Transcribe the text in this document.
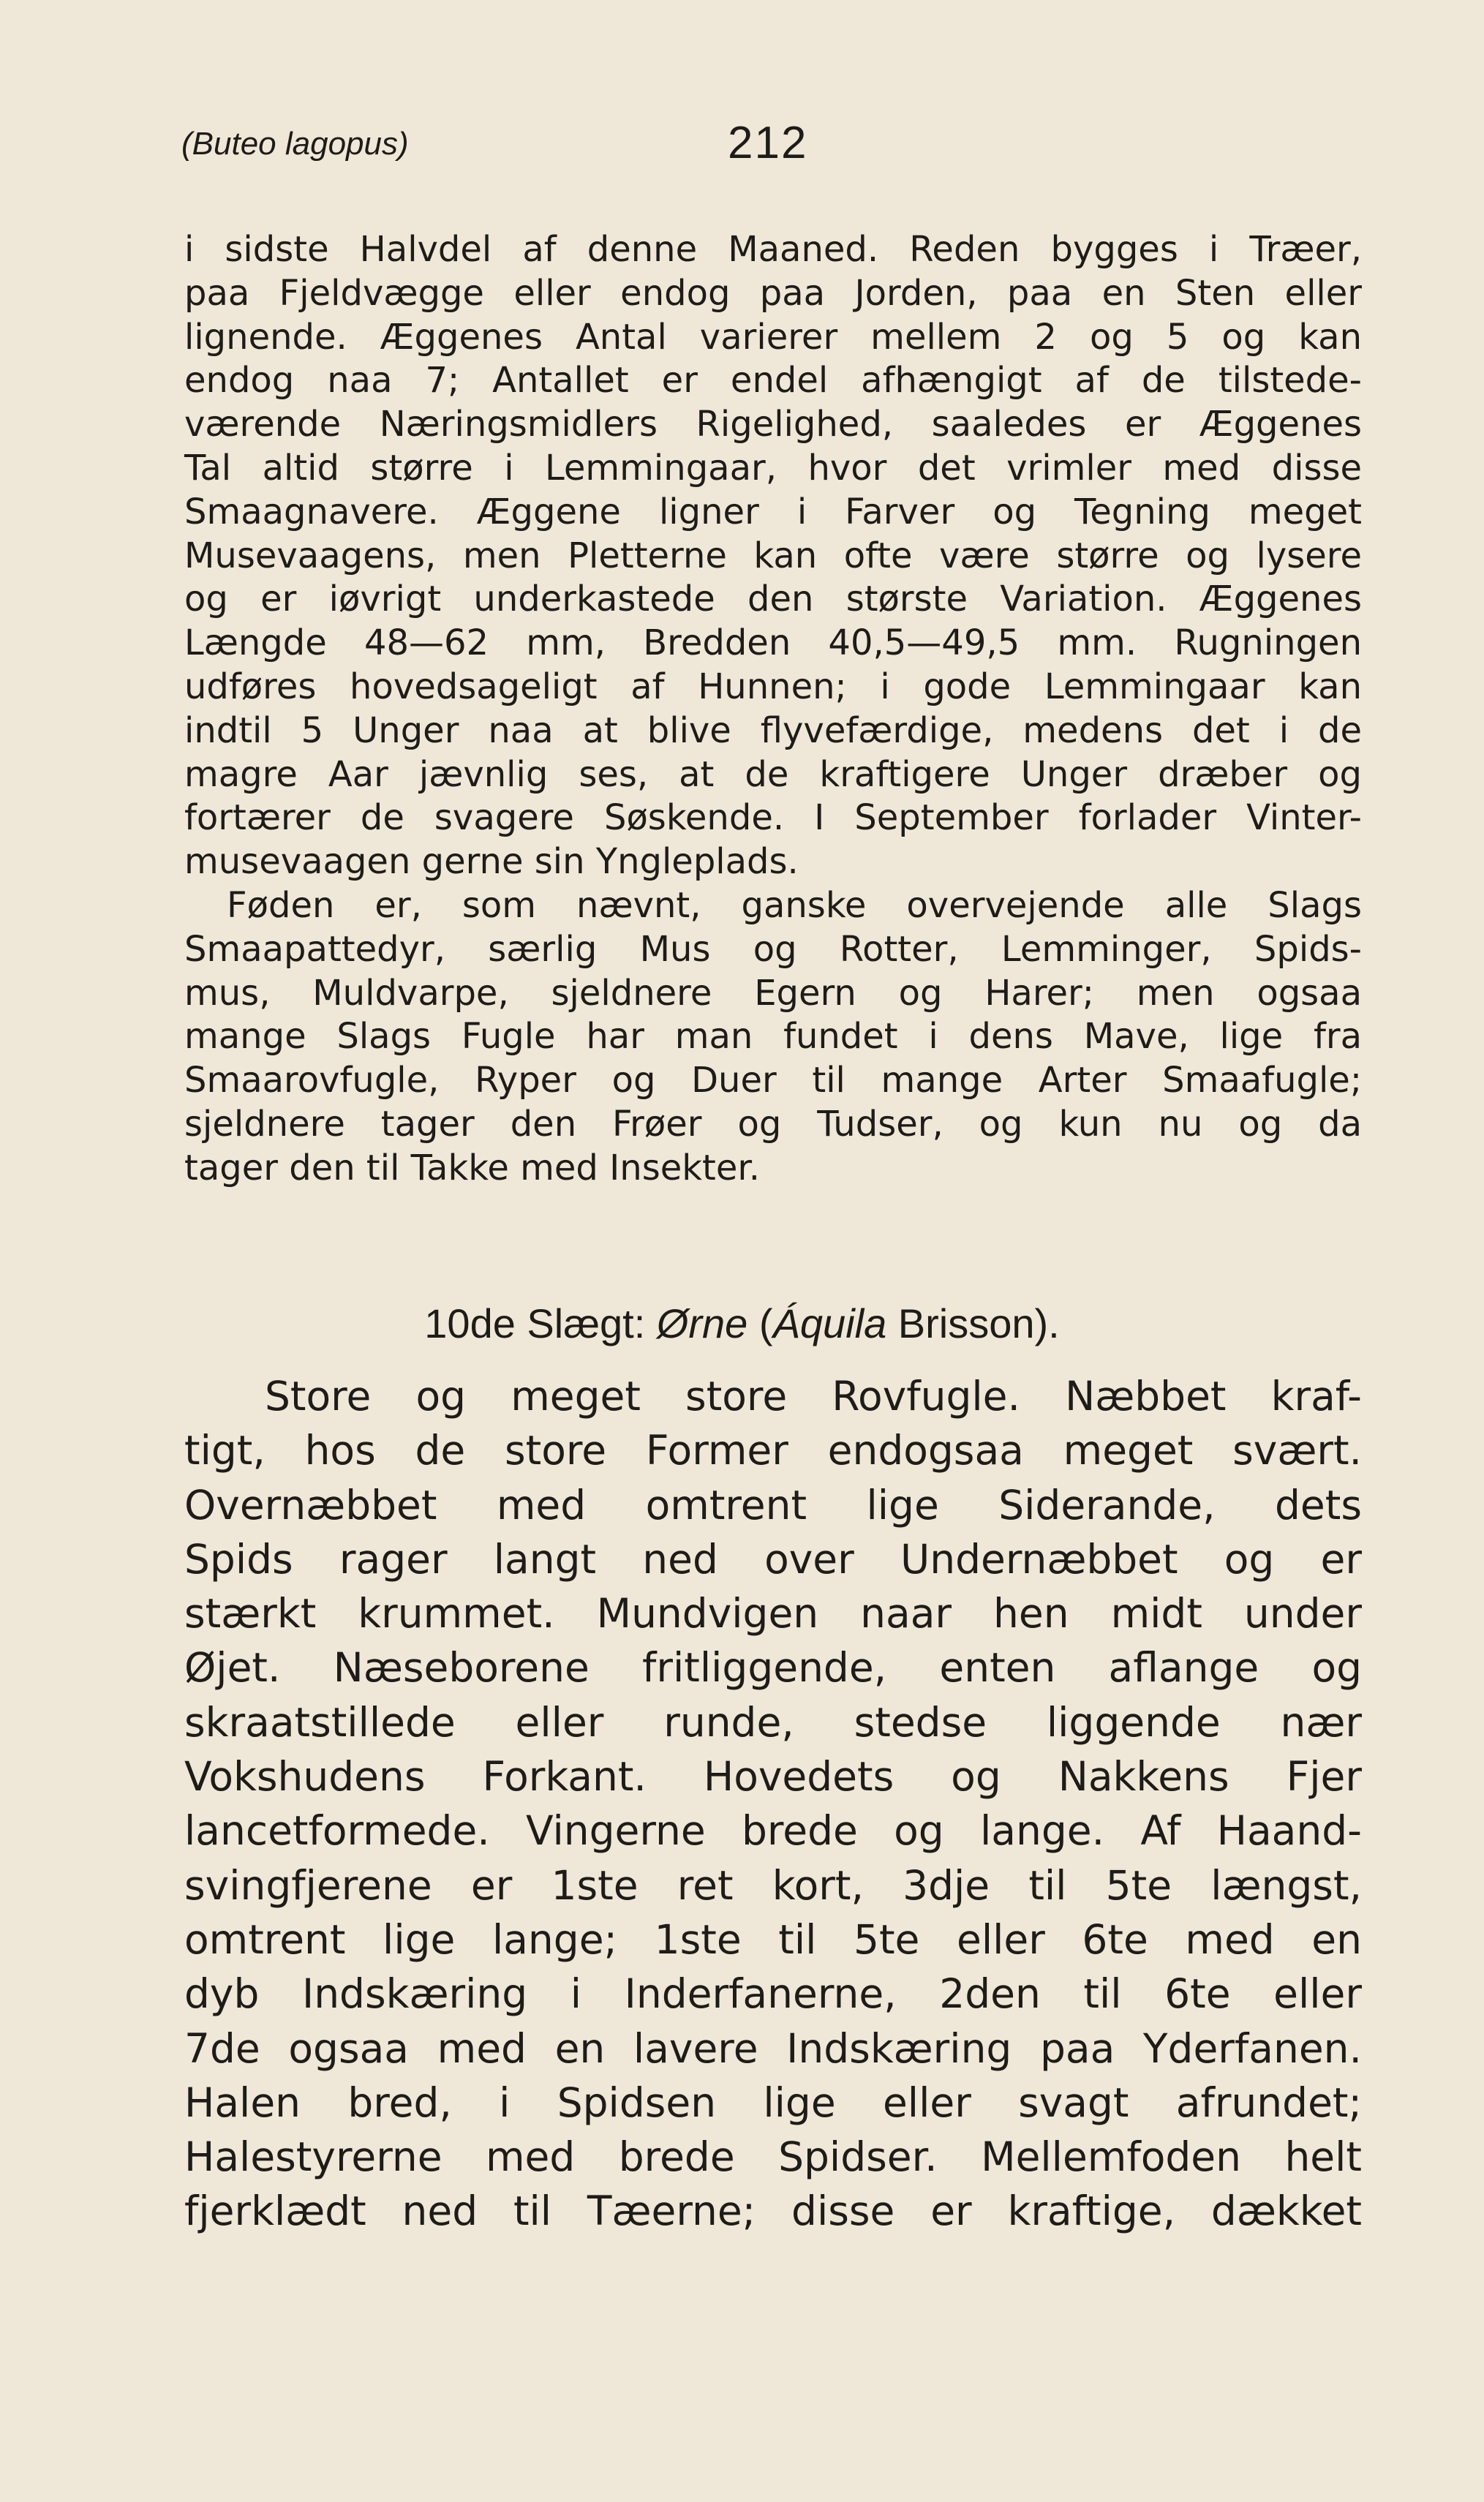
(Buteo lagopus)	212
i sidste Halvdel af denne Maaned. Reden bygges i Træer,
paa Fjeldvægge eller endog paa Jorden, paa en Sten eller
lignende. Æggenes Antal varierer mellem 2 og 5 og kan
endog naa 7; Antallet er endel afhængigt af de tilstede-
værende Næringsmidlers Rigelighed, saaledes er Æggenes
Tal altid større i Lemmingaar, hvor det vrimler med disse
Smaagnavere. Æggene ligner i Farver og Tegning meget
Musevaagens, men Pletterne kan ofte være større og lysere
og er iøvrigt underkastede den største Variation. Æggenes
Længde 48—62 mm, Bredden 40,5—49,5 mm. Rugningen
udføres hovedsageligt af Hunnen; i gode Lemmingaar kan
indtil 5 Unger naa at blive flyvefærdige, medens det i de
magre Aar jævnlig ses, at de kraftigere Unger dræber og
fortærer de svagere Søskende. I September forlader Vinter-
musevaagen gerne sin Yngleplads.
Føden er, som nævnt, ganske overvejende alle Slags
Smaapattedyr, særlig Mus og Rotter, Lemminger, Spids-
mus, Muldvarpe, sjeldnere Egern og Harer; men ogsaa
mange Slags Fugle har man fundet i dens Mave, lige fra
Smaarovfugle, Ryper og Duer til mange Arter Smaafugle;
sjeldnere tager den Frøer og Tudser, og kun nu og da
tager den til Takke med Insekter.
10de Slægt: Ørne (Áquila Brisson).
Store og meget store Rovfugle. Næbbet kraf-
tigt, hos de store Former endogsaa meget svært.
Overnæbbet med omtrent lige Siderande, dets
Spids rager langt ned over Undernæbbet og er
stærkt krummet. Mundvigen naar hen midt under
Øjet. Næseborene fritliggende, enten aflange og
skraatstillede eller runde, stedse liggende nær
Vokshudens Forkant. Hovedets og Nakkens Fjer
lancetformede. Vingerne brede og lange. Af Haand-
svingfjerene er 1ste ret kort, 3dje til 5te længst,
omtrent lige lange; 1ste til 5te eller 6te med en
dyb Indskæring i Inderfanerne, 2den til 6te eller
7de ogsaa med en lavere Indskæring paa Yderfanen.
Halen bred, i Spidsen lige eller svagt afrundet;
Halestyrerne med brede Spidser. Mellemfoden helt
fjerklædt ned til Tæerne; disse er kraftige, dækket
